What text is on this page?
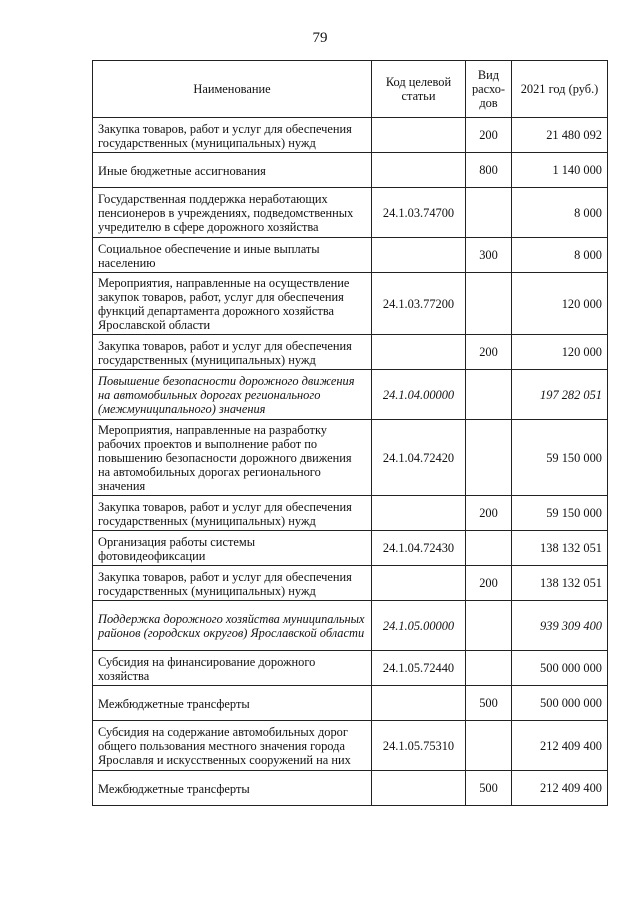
79
Наименование	Код целевой статьи	Вид расхо-дов	2021 год (руб.)
Закупка товаров, работ и услуг для обеспечения государственных (муниципальных) нужд		200	21 480 092
Иные бюджетные ассигнования		800	1 140 000
Государственная поддержка неработающих пенсионеров в учреждениях, подведомственных учредителю в сфере дорожного хозяйства	24.1.03.74700		8 000
Социальное обеспечение и иные выплаты населению		300	8 000
Мероприятия, направленные на осуществление закупок товаров, работ, услуг для обеспечения функций департамента дорожного хозяйства Ярославской области	24.1.03.77200		120 000
Закупка товаров, работ и услуг для обеспечения государственных (муниципальных) нужд		200	120 000
Повышение безопасности дорожного движения на автомобильных дорогах регионального (межмуниципального) значения	24.1.04.00000		197 282 051
Мероприятия, направленные на разработку рабочих проектов и выполнение работ по повышению безопасности дорожного движения на автомобильных дорогах регионального значения	24.1.04.72420		59 150 000
Закупка товаров, работ и услуг для обеспечения государственных (муниципальных) нужд		200	59 150 000
Организация работы системы фотовидеофиксации	24.1.04.72430		138 132 051
Закупка товаров, работ и услуг для обеспечения государственных (муниципальных) нужд		200	138 132 051
Поддержка дорожного хозяйства муниципальных районов (городских округов) Ярославской области	24.1.05.00000		939 309 400
Субсидия на финансирование дорожного хозяйства	24.1.05.72440		500 000 000
Межбюджетные трансферты		500	500 000 000
Субсидия на содержание автомобильных дорог общего пользования местного значения города Ярославля и искусственных сооружений на них	24.1.05.75310		212 409 400
Межбюджетные трансферты		500	212 409 400
